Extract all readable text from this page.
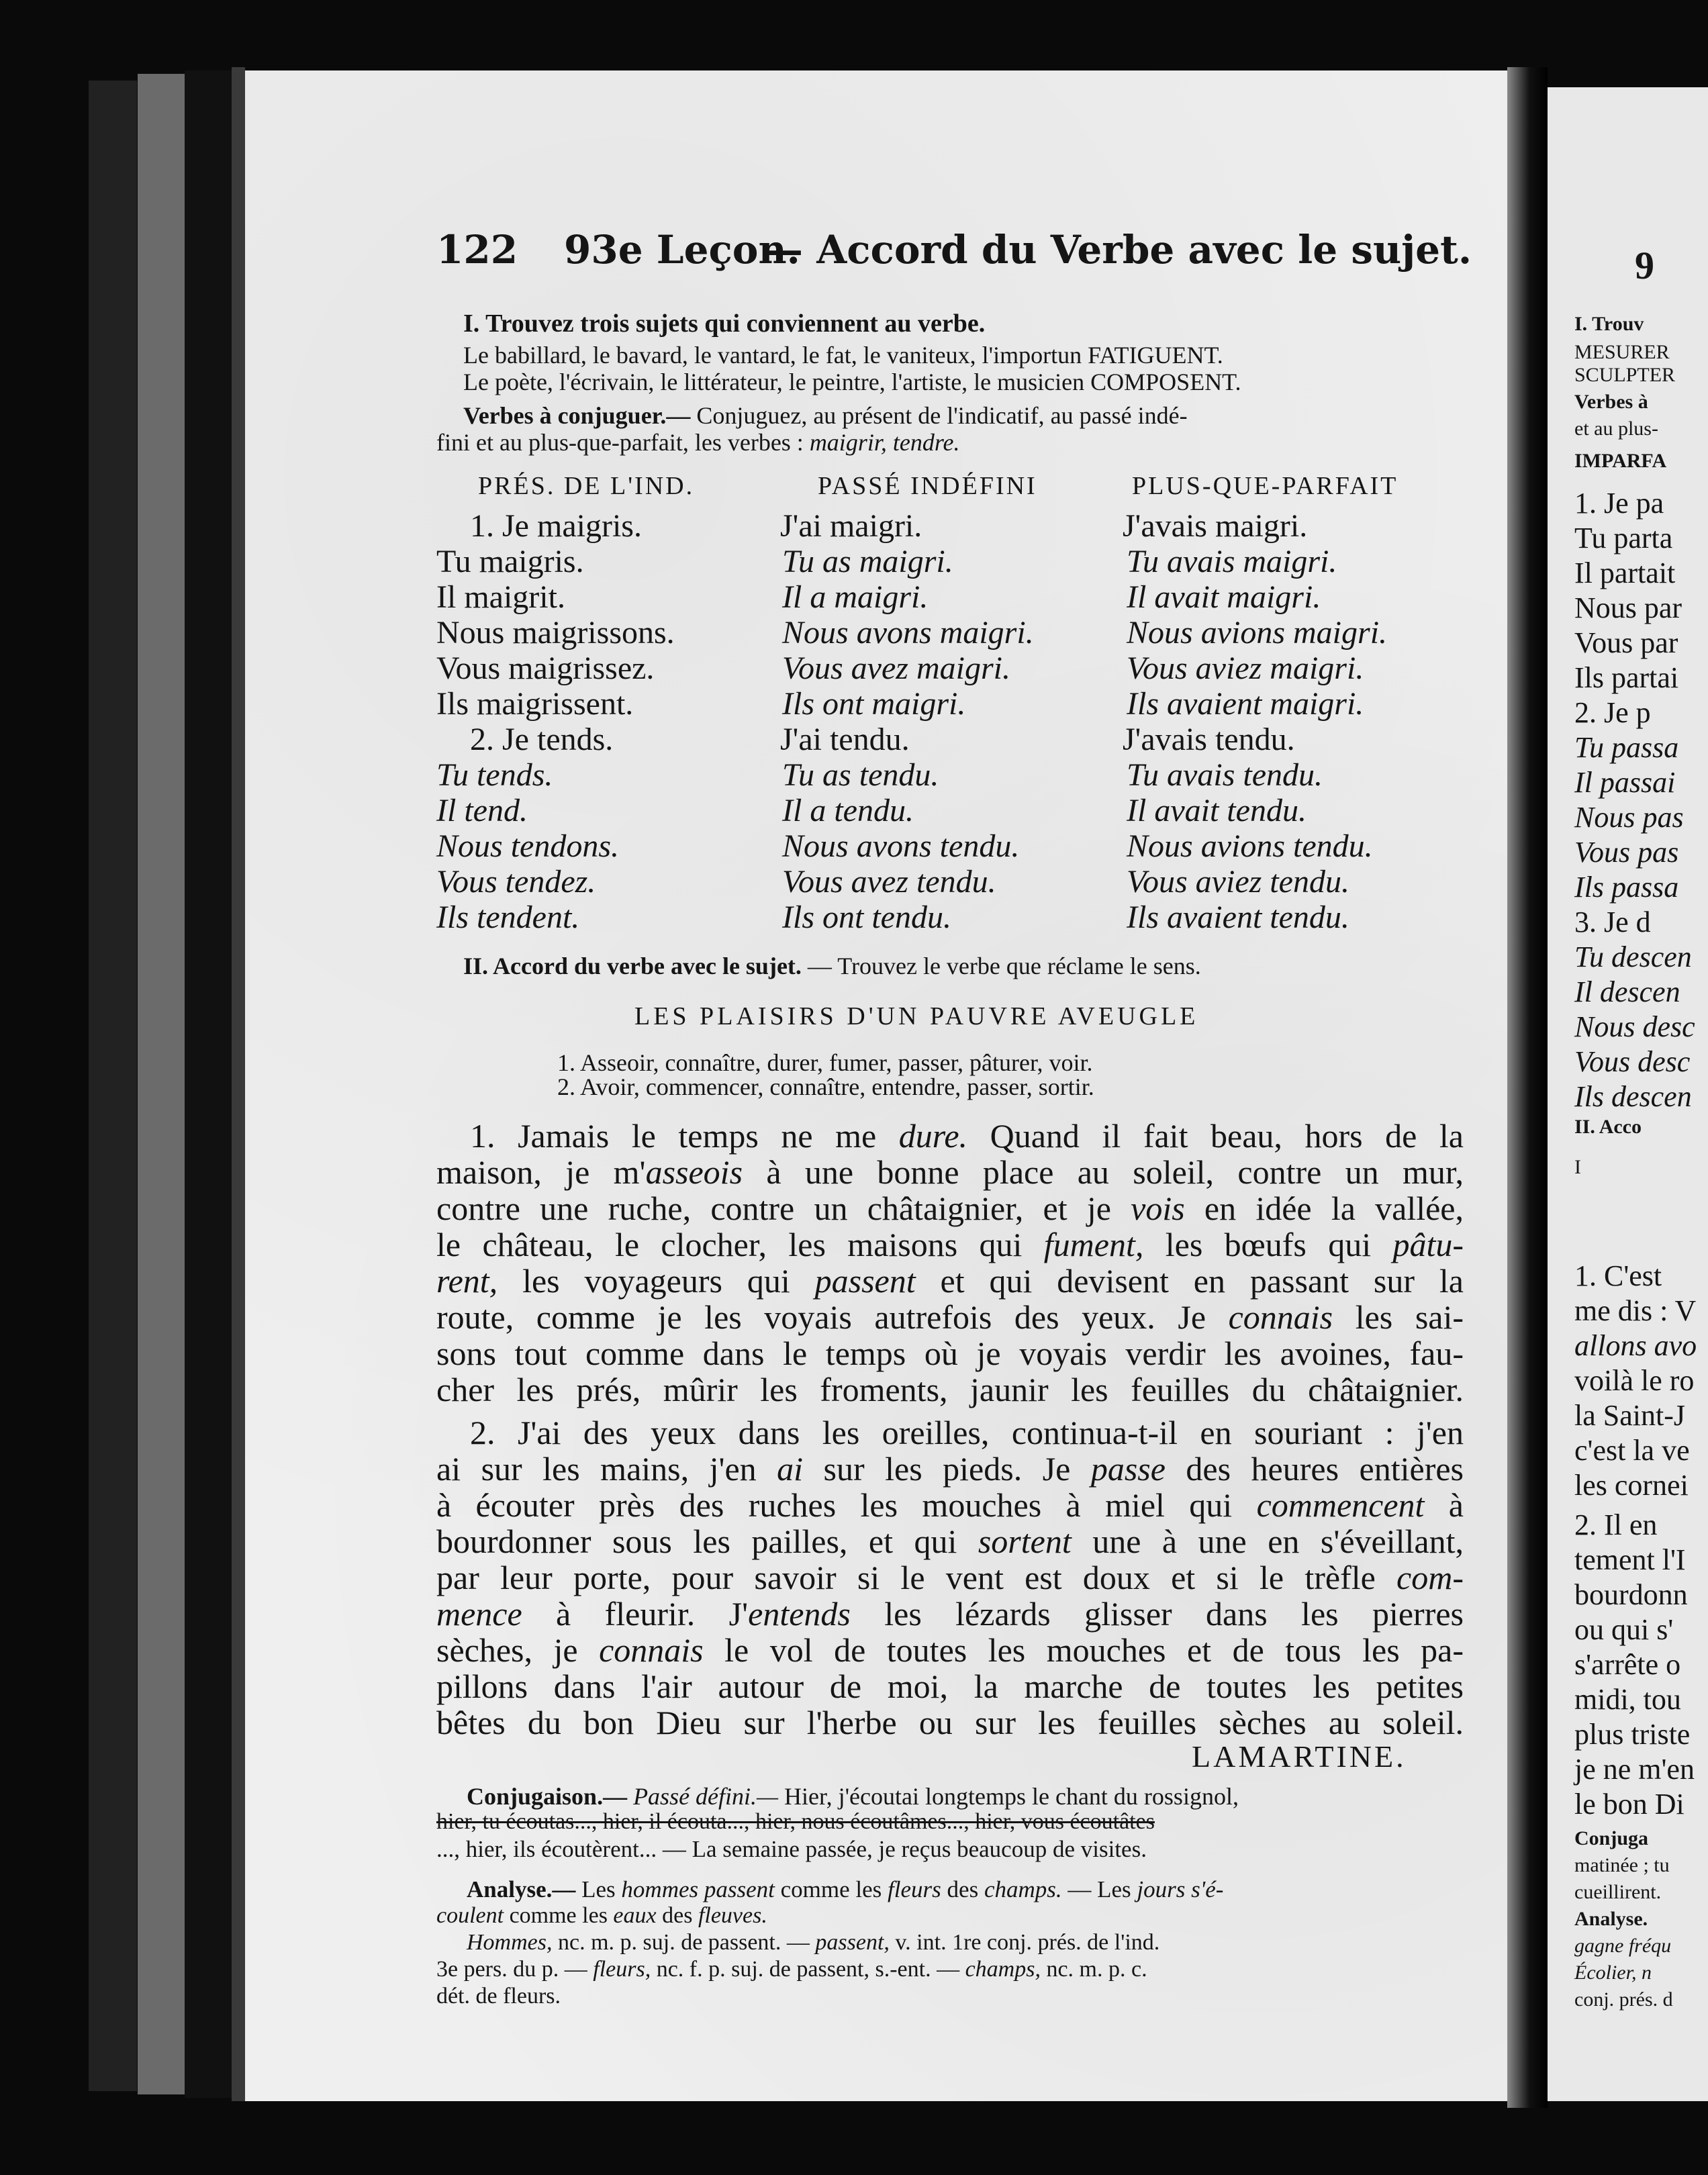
122 93e Leçon.
— Accord du Verbe avec le sujet.
I. Trouvez trois sujets qui conviennent au verbe.
Le babillard, le bavard, le vantard, le fat, le vaniteux, l'importun FATIGUENT.
Le poète, l'écrivain, le littérateur, le peintre, l'artiste, le musicien COMPOSENT.
Verbes à conjuguer.— Conjuguez, au présent de l'indicatif, au passé indé-
fini et au plus-que-parfait, les verbes : maigrir, tendre.
PRÉS. DE L'IND.	PASSÉ INDÉFINI	PLUS-QUE-PARFAIT
1. Je maigris.	J'ai maigri.	J'avais maigri.
Tu maigris.	Tu as maigri.	Tu avais maigri.
Il maigrit.	Il a maigri.	Il avait maigri.
Nous maigrissons.	Nous avons maigri.	Nous avions maigri.
Vous maigrissez.	Vous avez maigri.	Vous aviez maigri.
Ils maigrissent.	Ils ont maigri.	Ils avaient maigri.
2. Je tends.	J'ai tendu.	J'avais tendu.
Tu tends.	Tu as tendu.	Tu avais tendu.
Il tend.	Il a tendu.	Il avait tendu.
Nous tendons.	Nous avons tendu.	Nous avions tendu.
Vous tendez.	Vous avez tendu.	Vous aviez tendu.
Ils tendent.	Ils ont tendu.	Ils avaient tendu.
II. Accord du verbe avec le sujet. — Trouvez le verbe que réclame le sens.
LES PLAISIRS D'UN PAUVRE AVEUGLE
1. Asseoir, connaître, durer, fumer, passer, pâturer, voir.
2. Avoir, commencer, connaître, entendre, passer, sortir.
1. Jamais le temps ne me dure. Quand il fait beau, hors de la
maison, je m'asseois à une bonne place au soleil, contre un mur,
contre une ruche, contre un châtaignier, et je vois en idée la vallée,
le château, le clocher, les maisons qui fument, les bœufs qui pâtu-
rent, les voyageurs qui passent et qui devisent en passant sur la
route, comme je les voyais autrefois des yeux. Je connais les sai-
sons tout comme dans le temps où je voyais verdir les avoines, fau-
cher les prés, mûrir les froments, jaunir les feuilles du châtaignier.
2. J'ai des yeux dans les oreilles, continua-t-il en souriant : j'en
ai sur les mains, j'en ai sur les pieds. Je passe des heures entières
à écouter près des ruches les mouches à miel qui commencent à
bourdonner sous les pailles, et qui sortent une à une en s'éveillant,
par leur porte, pour savoir si le vent est doux et si le trèfle com-
mence à fleurir. J'entends les lézards glisser dans les pierres
sèches, je connais le vol de toutes les mouches et de tous les pa-
pillons dans l'air autour de moi, la marche de toutes les petites
bêtes du bon Dieu sur l'herbe ou sur les feuilles sèches au soleil.
LAMARTINE.
Conjugaison.— Passé défini.— Hier, j'écoutai longtemps le chant du rossignol,
hier, tu écoutas..., hier, il écouta..., hier, nous écoutâmes..., hier, vous écoutâtes
..., hier, ils écoutèrent... — La semaine passée, je reçus beaucoup de visites.
Analyse.— Les hommes passent comme les fleurs des champs. — Les jours s'é-
coulent comme les eaux des fleuves.
Hommes, nc. m. p. suj. de passent. — passent, v. int. 1re conj. prés. de l'ind.
3e pers. du p. — fleurs, nc. f. p. suj. de passent, s.-ent. — champs, nc. m. p. c.
dét. de fleurs.
9
I. Trouv
MESURER
SCULPTER
Verbes à
et au plus-
IMPARFA
1. Je pa
Tu parta
Il partait
Nous par
Vous par
Ils partai
2. Je p
Tu passa
Il passai
Nous pas
Vous pas
Ils passa
3. Je d
Tu descen
Il descen
Nous desc
Vous desc
Ils descen
II. Acco
I
1. C'est
me dis : V
allons avo
voilà le ro
la Saint-J
c'est la ve
les cornei
2. Il en
tement l'I
bourdonn
ou qui s'
s'arrête o
midi, tou
plus triste
je ne m'en
le bon Di
Conjuga
matinée ; tu
cueillirent.
Analyse.
gagne fréqu
Écolier, n
conj. prés. d
